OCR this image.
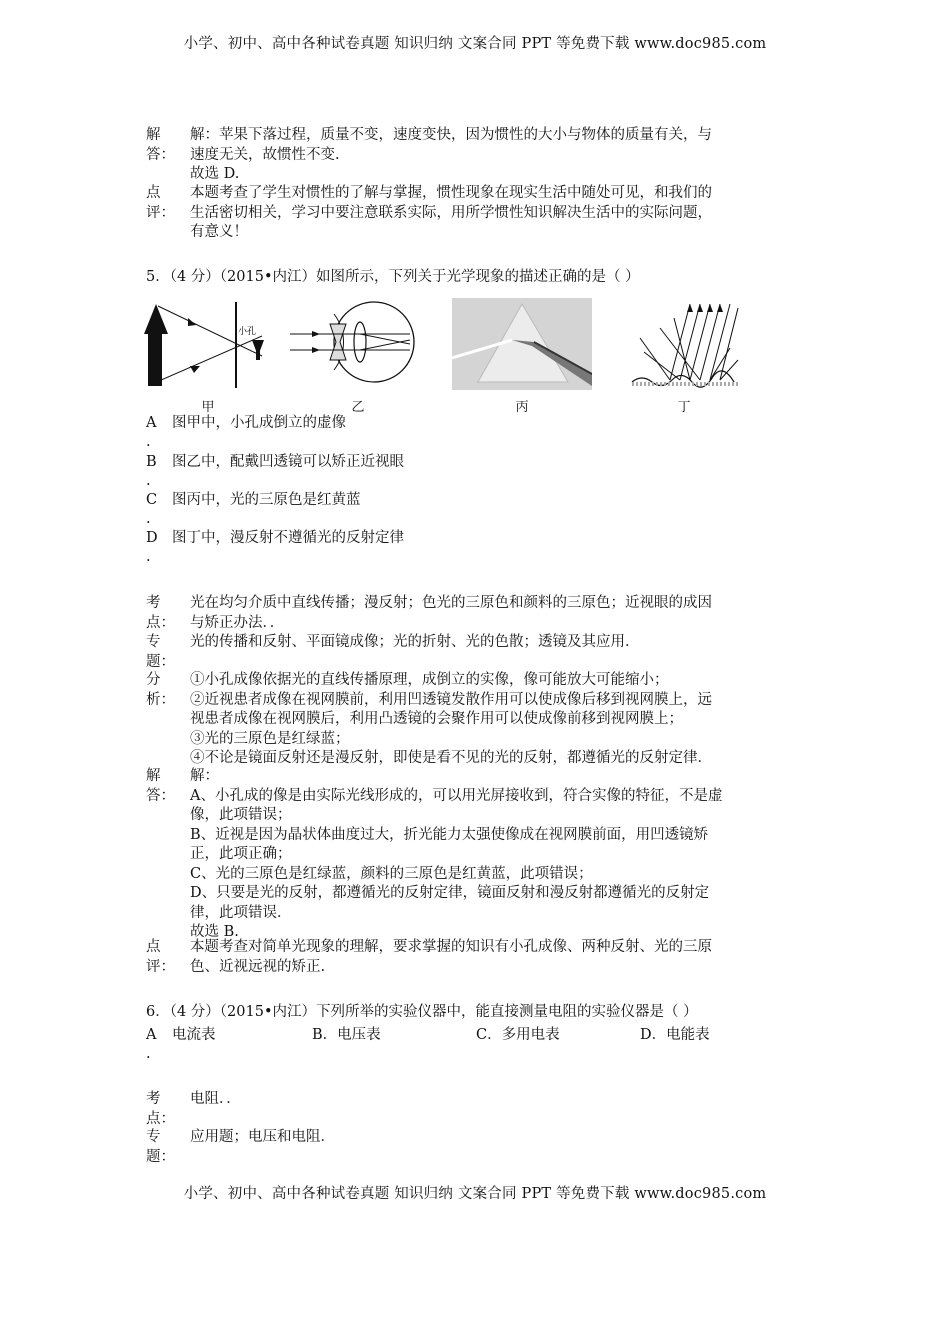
小学、初中、高中各种试卷真题 知识归纳 文案合同 PPT 等免费下载 www.doc985.com
小学、初中、高中各种试卷真题 知识归纳 文案合同 PPT 等免费下载 www.doc985.com
解
答：
解：苹果下落过程，质量不变，速度变快，因为惯性的大小与物体的质量有关，与
速度无关，故惯性不变.
故选 D.
点
评：
本题考查了学生对惯性的了解与掌握，惯性现象在现实生活中随处可见，和我们的
生活密切相关，学习中要注意联系实际，用所学惯性知识解决生活中的实际问题，
有意义！
5．（4 分）（2015•内江）如图所示，下列关于光学现象的描述正确的是（ ）
小孔
甲	乙	丙	丁
A
.
图甲中，小孔成倒立的虚像
B
.
图乙中，配戴凹透镜可以矫正近视眼
C
.
图丙中，光的三原色是红黄蓝
D
.
图丁中，漫反射不遵循光的反射定律
考
点：
光在均匀介质中直线传播；漫反射；色光的三原色和颜料的三原色；近视眼的成因
与矫正办法．．
专
题：
光的传播和反射、平面镜成像；光的折射、光的色散；透镜及其应用．
分
析：
①小孔成像依据光的直线传播原理，成倒立的实像，像可能放大可能缩小；
②近视患者成像在视网膜前，利用凹透镜发散作用可以使成像后移到视网膜上，远
视患者成像在视网膜后，利用凸透镜的会聚作用可以使成像前移到视网膜上；
③光的三原色是红绿蓝；
④不论是镜面反射还是漫反射，即使是看不见的光的反射，都遵循光的反射定律．
解
答：
解：
A、小孔成的像是由实际光线形成的，可以用光屏接收到，符合实像的特征，不是虚
像，此项错误；
B、近视是因为晶状体曲度过大，折光能力太强使像成在视网膜前面，用凹透镜矫
正，此项正确；
C、光的三原色是红绿蓝，颜料的三原色是红黄蓝，此项错误；
D、只要是光的反射，都遵循光的反射定律，镜面反射和漫反射都遵循光的反射定
律，此项错误．
故选 B.
点
评：
本题考查对简单光现象的理解，要求掌握的知识有小孔成像、两种反射、光的三原
色、近视远视的矫正.
6．（4 分）（2015•内江）下列所举的实验仪器中，能直接测量电阻的实验仪器是（ ）
A
.
电流表	B．电压表	C．多用电表	D．电能表
考
点：
电阻．．
专
题：
应用题；电压和电阻．
